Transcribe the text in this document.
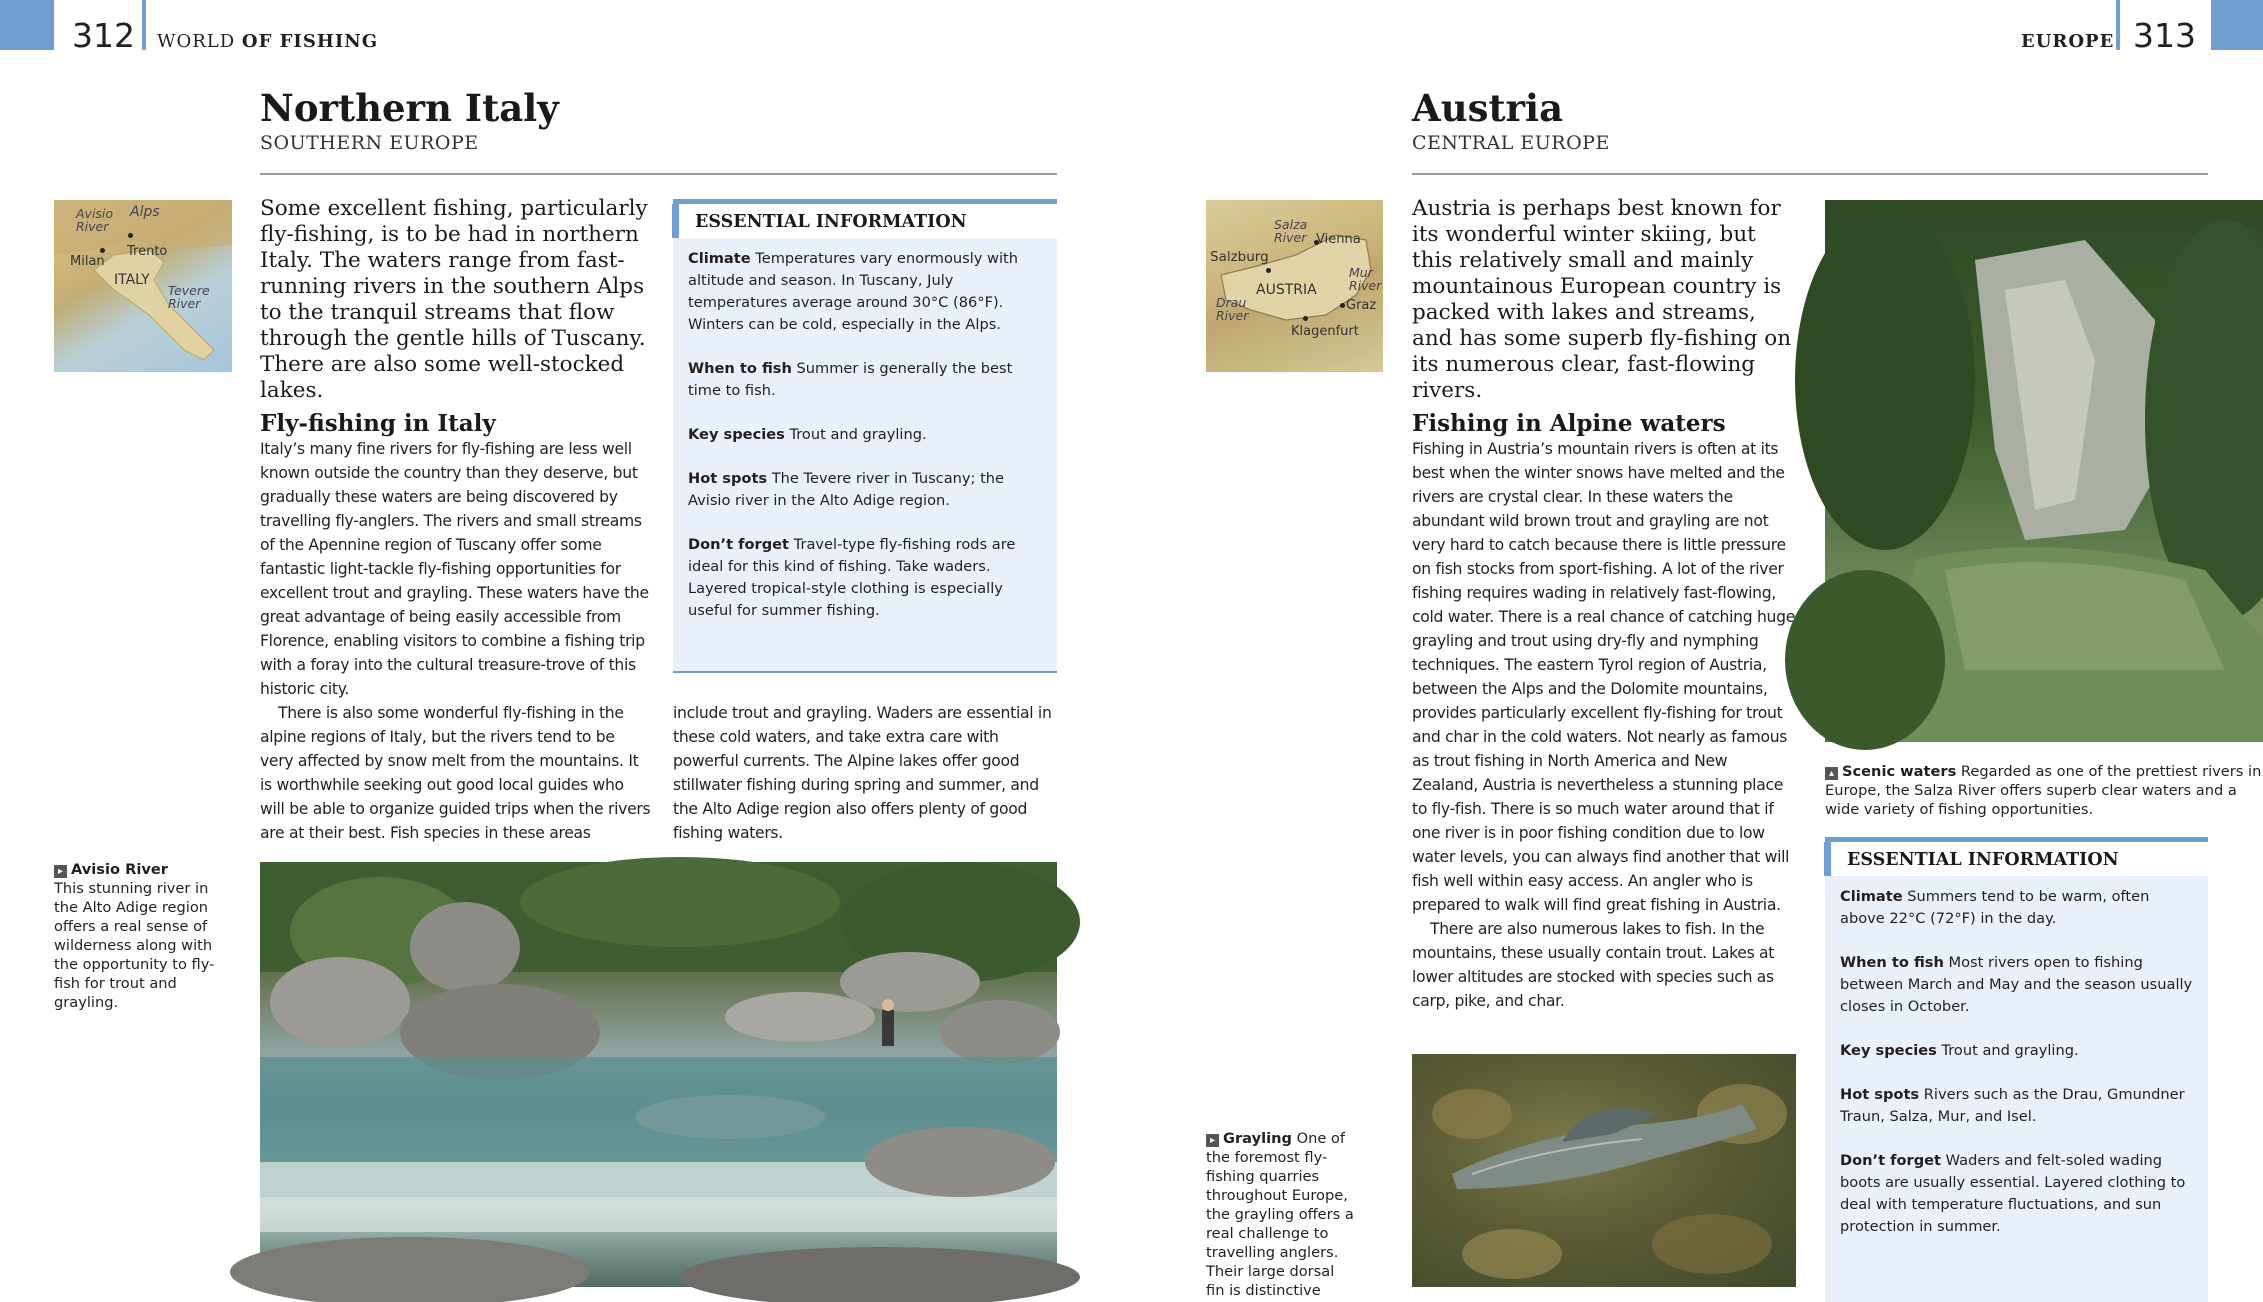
312 WORLD OF FISHING	EUROPE 313
Northern Italy
SOUTHERN EUROPE
Avisio
River
Alps
Trento
Milan
ITALY
Tevere
River
Some excellent fishing, particularly fly-fishing, is to be had in northern Italy. The waters range from fast-running rivers in the southern Alps to the tranquil streams that flow through the gentle hills of Tuscany. There are also some well-stocked lakes.
Fly-fishing in Italy

Italy’s many fine rivers for fly-fishing are less well known outside the country than they deserve, but gradually these waters are being discovered by travelling fly-anglers. The rivers and small streams of the Apennine region of Tuscany offer some fantastic light-tackle fly-fishing opportunities for excellent trout and grayling. These waters have the great advantage of being easily accessible from Florence, enabling visitors to combine a fishing trip with a foray into the cultural treasure-trove of this historic city.

There is also some wonderful fly-fishing in the alpine regions of Italy, but the rivers tend to be very affected by snow melt from the mountains. It is worthwhile seeking out good local guides who will be able to organize guided trips when the rivers are at their best. Fish species in these areas

include trout and grayling. Waders are essential in these cold waters, and take extra care with powerful currents. The Alpine lakes offer good stillwater fishing during spring and summer, and the Alto Adige region also offers plenty of good fishing waters.

ESSENTIAL INFORMATION

Climate Temperatures vary enormously with altitude and season. In Tuscany, July temperatures average around 30°C (86°F). Winters can be cold, especially in the Alps.

When to fish Summer is generally the best time to fish.

Key species Trout and grayling.

Hot spots The Tevere river in Tuscany; the Avisio river in the Alto Adige region.

Don’t forget Travel-type fly-fishing rods are ideal for this kind of fishing. Take waders. Layered tropical-style clothing is especially useful for summer fishing.

▸ Avisio River
This stunning river in the Alto Adige region offers a real sense of wilderness along with the opportunity to fly-fish for trout and grayling.
Austria
CENTRAL EUROPE
Salza
River Vienna
Salzburg
Mur
River
AUSTRIA
Graz
Drau
River
Klagenfurt
Austria is perhaps best known for its wonderful winter skiing, but this relatively small and mainly mountainous European country is packed with lakes and streams, and has some superb fly-fishing on its numerous clear, fast-flowing rivers.
Fishing in Alpine waters

Fishing in Austria’s mountain rivers is often at its best when the winter snows have melted and the rivers are crystal clear. In these waters the abundant wild brown trout and grayling are not very hard to catch because there is little pressure on fish stocks from sport-fishing. A lot of the river fishing requires wading in relatively fast-flowing, cold water. There is a real chance of catching huge grayling and trout using dry-fly and nymphing techniques. The eastern Tyrol region of Austria, between the Alps and the Dolomite mountains, provides particularly excellent fly-fishing for trout and char in the cold waters. Not nearly as famous as trout fishing in North America and New Zealand, Austria is nevertheless a stunning place to fly-fish. There is so much water around that if one river is in poor fishing condition due to low water levels, you can always find another that will fish well within easy access. An angler who is prepared to walk will find great fishing in Austria.

There are also numerous lakes to fish. In the mountains, these usually contain trout. Lakes at lower altitudes are stocked with species such as carp, pike, and char.

▴ Scenic waters Regarded as one of the prettiest rivers in Europe, the Salza River offers superb clear waters and a wide variety of fishing opportunities.
ESSENTIAL INFORMATION

Climate Summers tend to be warm, often above 22°C (72°F) in the day.

When to fish Most rivers open to fishing between March and May and the season usually closes in October.

Key species Trout and grayling.

Hot spots Rivers such as the Drau, Gmundner Traun, Salza, Mur, and Isel.

Don’t forget Waders and felt-soled wading boots are usually essential. Layered clothing to deal with temperature fluctuations, and sun protection in summer.

▸ Grayling One of the foremost fly-fishing quarries throughout Europe, the grayling offers a real challenge to travelling anglers. Their large dorsal fin is distinctive
